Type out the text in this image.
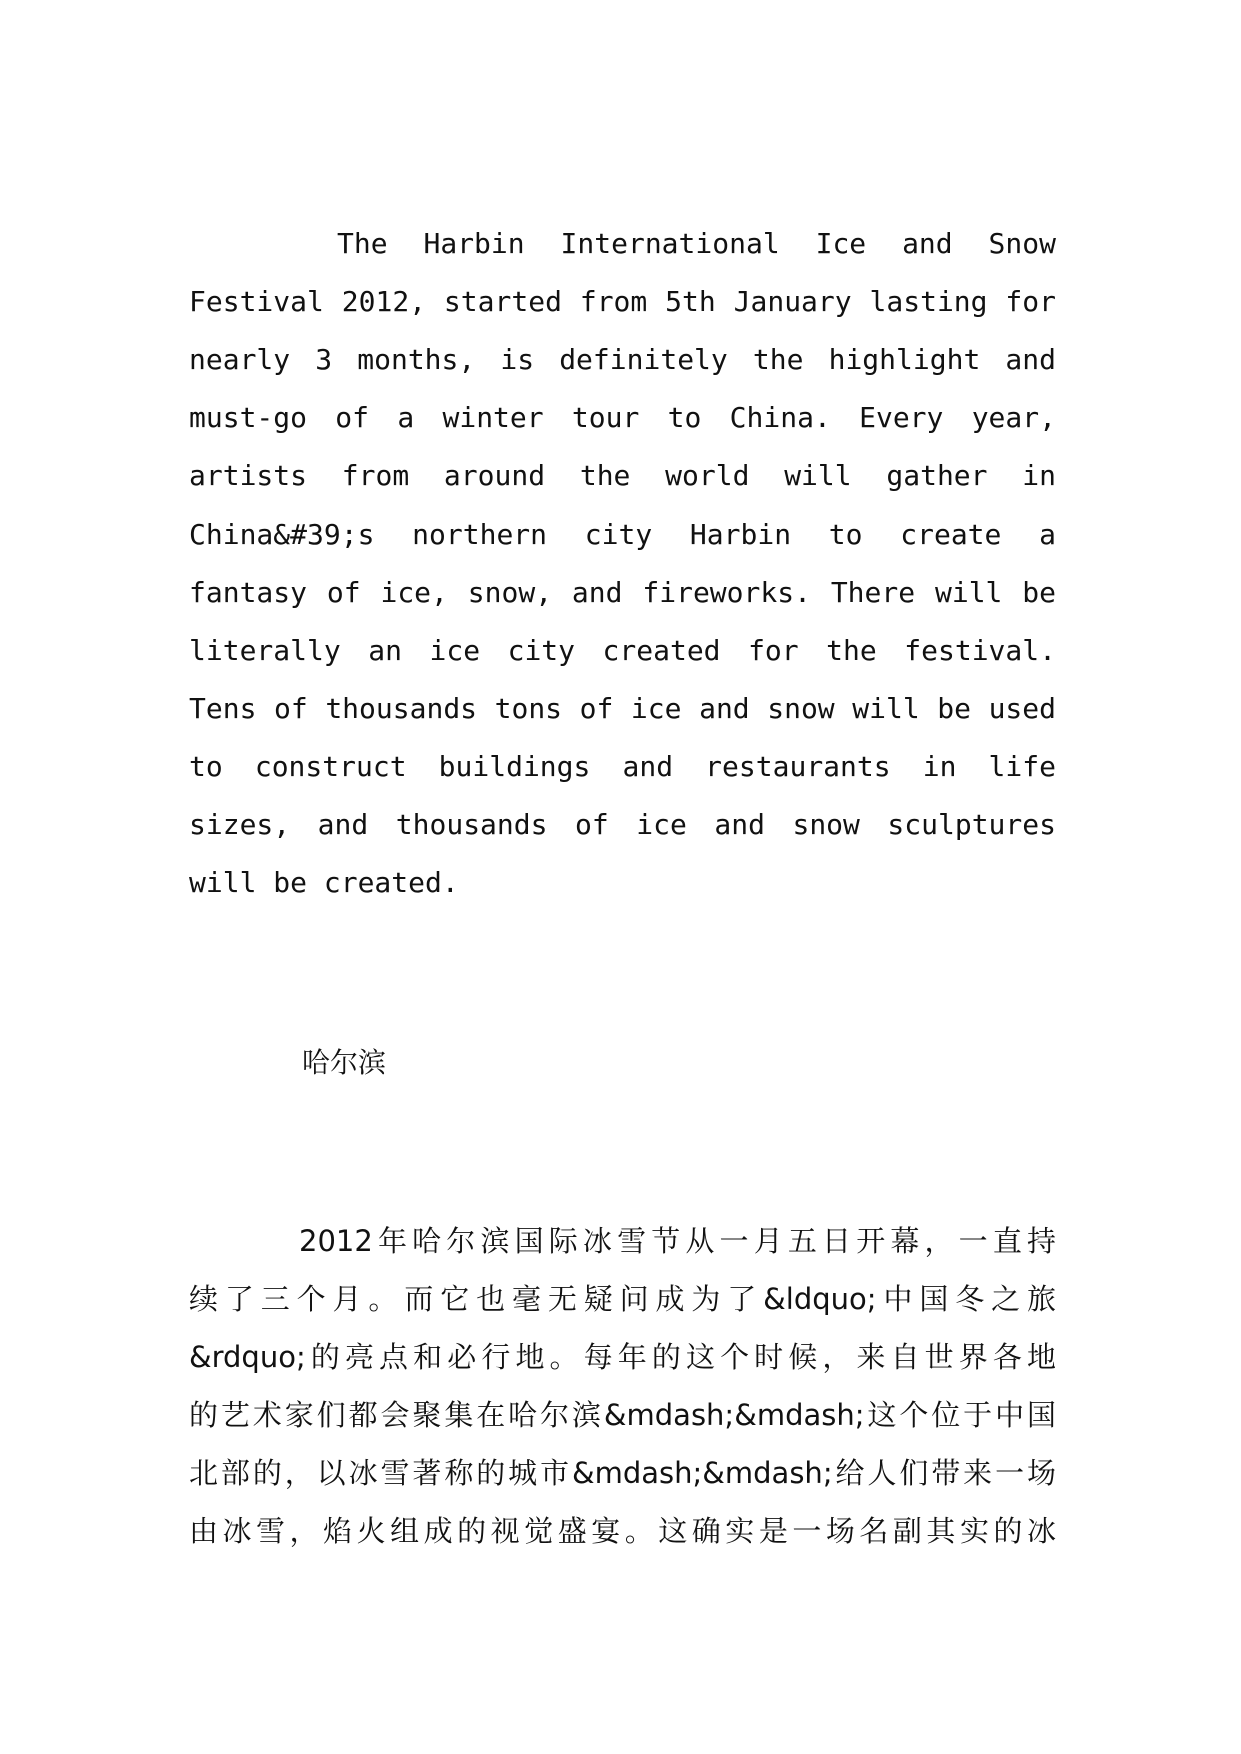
The Harbin International Ice and Snow
Festival 2012, started from 5th January lasting for
nearly 3 months, is definitely the highlight and
must-go of a winter tour to China. Every year,
artists from around the world will gather in
China&#39;s northern city Harbin to create a
fantasy of ice, snow, and fireworks. There will be
literally an ice city created for the festival.
Tens of thousands tons of ice and snow will be used
to construct buildings and restaurants in life
sizes, and thousands of ice and snow sculptures
will be created.
哈尔滨
2012年哈尔滨国际冰雪节从一月五日开幕，一直持
续了三个月。而它也毫无疑问成为了&ldquo;中国冬之旅
&rdquo;的亮点和必行地。每年的这个时候，来自世界各地
的艺术家们都会聚集在哈尔滨&mdash;&mdash;这个位于中国
北部的，以冰雪著称的城市&mdash;&mdash;给人们带来一场
由冰雪，焰火组成的视觉盛宴。这确实是一场名副其实的冰
